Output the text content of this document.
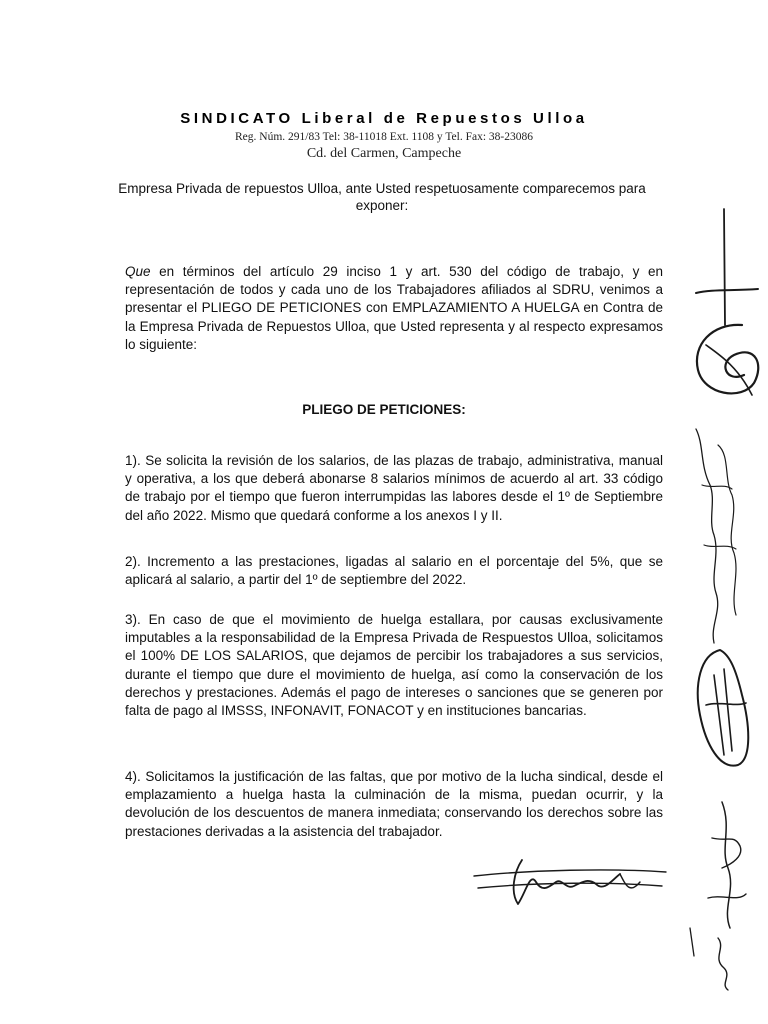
SINDICATO Liberal de Repuestos Ulloa
Reg. Núm. 291/83 Tel: 38-11018 Ext. 1108 y Tel. Fax: 38-23086
Cd. del Carmen, Campeche
Empresa Privada de repuestos Ulloa, ante Usted respetuosamente comparecemos para exponer:
Que en términos del artículo 29 inciso 1 y art. 530 del código de trabajo, y en representación de todos y cada uno de los Trabajadores afiliados al SDRU, venimos a presentar el PLIEGO DE PETICIONES con EMPLAZAMIENTO A HUELGA en Contra de la Empresa Privada de Repuestos Ulloa, que Usted representa y al respecto expresamos lo siguiente:
PLIEGO DE PETICIONES:
1). Se solicita la revisión de los salarios, de las plazas de trabajo, administrativa, manual y operativa, a los que deberá abonarse 8 salarios mínimos de acuerdo al art. 33 código de trabajo por el tiempo que fueron interrumpidas las labores desde el 1º de Septiembre del año 2022. Mismo que quedará conforme a los anexos I y II.
2). Incremento a las prestaciones, ligadas al salario en el porcentaje del 5%, que se aplicará al salario, a partir del 1º de septiembre del 2022.
3). En caso de que el movimiento de huelga estallara, por causas exclusivamente imputables a la responsabilidad de la Empresa Privada de Respuestos Ulloa, solicitamos el 100% DE LOS SALARIOS, que dejamos de percibir los trabajadores a sus servicios, durante el tiempo que dure el movimiento de huelga, así como la conservación de los derechos y prestaciones. Además el pago de intereses o sanciones que se generen por falta de pago al IMSSS, INFONAVIT, FONACOT y en instituciones bancarias.
4). Solicitamos la justificación de las faltas, que por motivo de la lucha sindical, desde el emplazamiento a huelga hasta la culminación de la misma, puedan ocurrir, y la devolución de los descuentos de manera inmediata; conservando los derechos sobre las prestaciones derivadas a la asistencia del trabajador.
